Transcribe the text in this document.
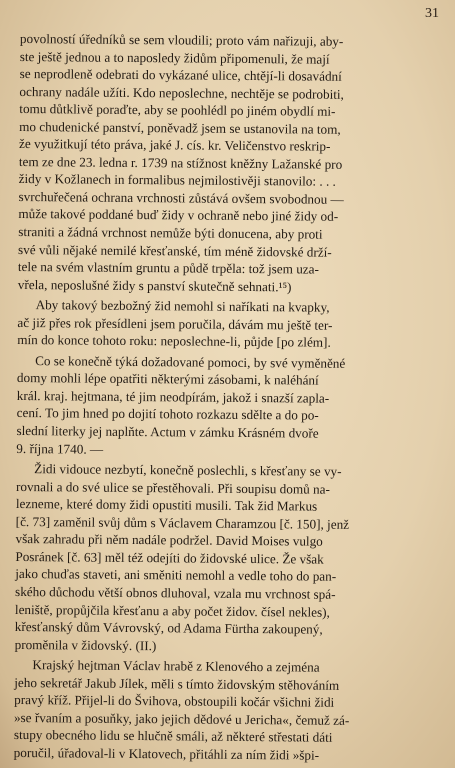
31
povolností úředníků se sem vloudili; proto vám nařizuji, aby-
ste ještě jednou a to naposledy židům připomenuli, že mají
se neprodleně odebrati do vykázané ulice, chtějí-li dosavádní
ochrany nadále užíti. Kdo neposlechne, nechtěje se podrobiti,
tomu důtklivě poraďte, aby se poohlédl po jiném obydlí mi-
mo chudenické panství, poněvadž jsem se ustanovila na tom,
že využitkují této práva, jaké J. cís. kr. Veličenstvo reskrip-
tem ze dne 23. ledna r. 1739 na stížnost kněžny Lažanské pro
židy v Kožlanech in formalibus nejmilostivěji stanovilo: . . .
svrchuřečená ochrana vrchnosti zůstává ovšem svobodnou —
může takové poddané buď židy v ochraně nebo jiné židy od-
straniti a žádná vrchnost nemůže býti donucena, aby proti
své vůli nějaké nemilé křesťanské, tím méně židovské drží-
tele na svém vlastním gruntu a půdě trpěla: tož jsem uza-
vřela, neposlušné židy s panství skutečně sehnati.¹⁵)
Aby takový bezbožný žid nemohl si naříkati na kvapky,
ač již přes rok přesídleni jsem poručila, dávám mu ještě ter-
mín do konce tohoto roku: neposlechne-li, půjde [po zlém].
Co se konečně týká dožadované pomoci, by své vyměněné
domy mohli lépe opatřiti některými zásobami, k naléhání
král. kraj. hejtmana, té jim neodpírám, jakož i snazší zapla-
cení. To jim hned po dojití tohoto rozkazu sdělte a do po-
slední literky jej naplňte. Actum v zámku Krásném dvoře
9. října 1740. —
Židi vidouce nezbytí, konečně poslechli, s křesťany se vy-
rovnali a do své ulice se přestěhovali. Při soupisu domů na-
lezneme, které domy židi opustiti musili. Tak žid Markus
[č. 73] zaměnil svůj dům s Václavem Charamzou [č. 150], jenž
však zahradu při něm nadále podržel. David Moises vulgo
Posránek [č. 63] měl též odejíti do židovské ulice. Že však
jako chuďas staveti, ani směniti nemohl a vedle toho do pan-
ského důchodu větší obnos dluhoval, vzala mu vrchnost spá-
leniště, propůjčila křesťanu a aby počet židov. čísel nekles),
křesťanský dům Vávrovský, od Adama Fürtha zakoupený,
proměnila v židovský. (II.)
Krajský hejtman Václav hrabě z Klenového a zejména
jeho sekretář Jakub Jílek, měli s tímto židovským stěhováním
pravý kříž. Přijel-li do Švihova, obstoupili kočár všichni židi
»se řvaním a posuňky, jako jejich dědové u Jericha«, čemuž zá-
stupy obecného lidu se hlučně smáli, až některé střestati dáti
poručil, úřadoval-li v Klatovech, přitáhli za ním židi »špi-
